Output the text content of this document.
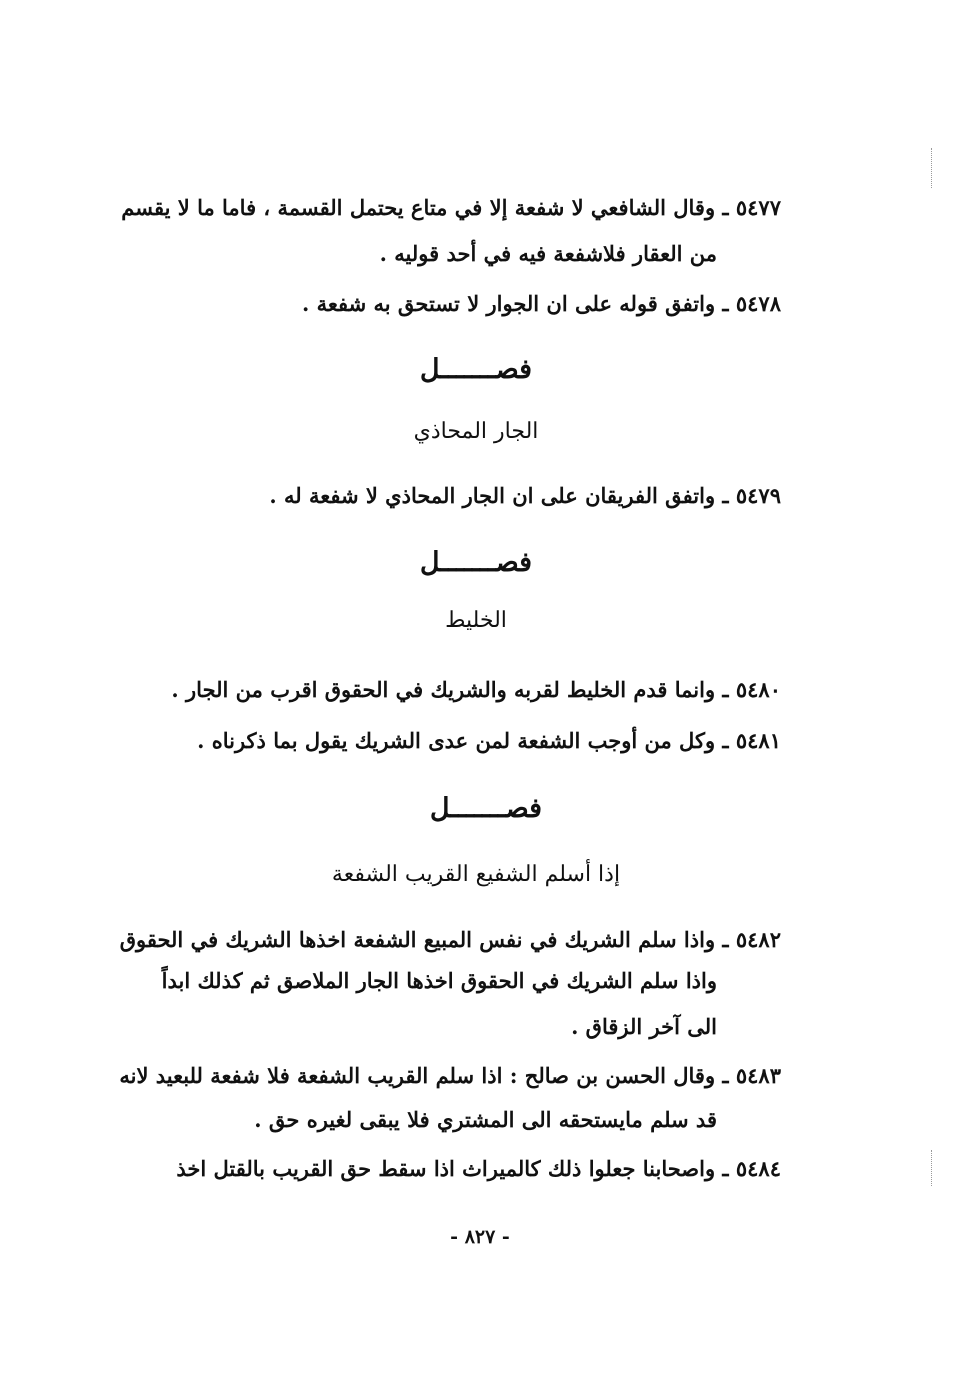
٥٤٧٧ ـ وقال الشافعي لا شفعة إلا في متاع يحتمل القسمة ، فاما ما لا يقسم
من العقار فلاشفعة فيه في أحد قوليه .
٥٤٧٨ ـ واتفق قوله على ان الجوار لا تستحق به شفعة .
فصـــــــل
الجار المحاذي
٥٤٧٩ ـ واتفق الفريقان على ان الجار المحاذي لا شفعة له .
فصـــــــل
الخليط
٥٤٨٠ ـ وانما قدم الخليط لقربه والشريك في الحقوق اقرب من الجار .
٥٤٨١ ـ وكل من أوجب الشفعة لمن عدى الشريك يقول بما ذكرناه .
فصـــــــل
إذا أسلم الشفيع القريب الشفعة
٥٤٨٢ ـ واذا سلم الشريك في نفس المبيع الشفعة اخذها الشريك في الحقوق
واذا سلم الشريك في الحقوق اخذها الجار الملاصق ثم كذلك ابداً
الى آخر الزقاق .
٥٤٨٣ ـ وقال الحسن بن صالح : اذا سلم القريب الشفعة فلا شفعة للبعيد لانه
قد سلم مايستحقه الى المشتري فلا يبقى لغيره حق .
٥٤٨٤ ـ واصحابنا جعلوا ذلك كالميراث اذا سقط حق القريب بالقتل اخذ
- ٨٢٧ -
